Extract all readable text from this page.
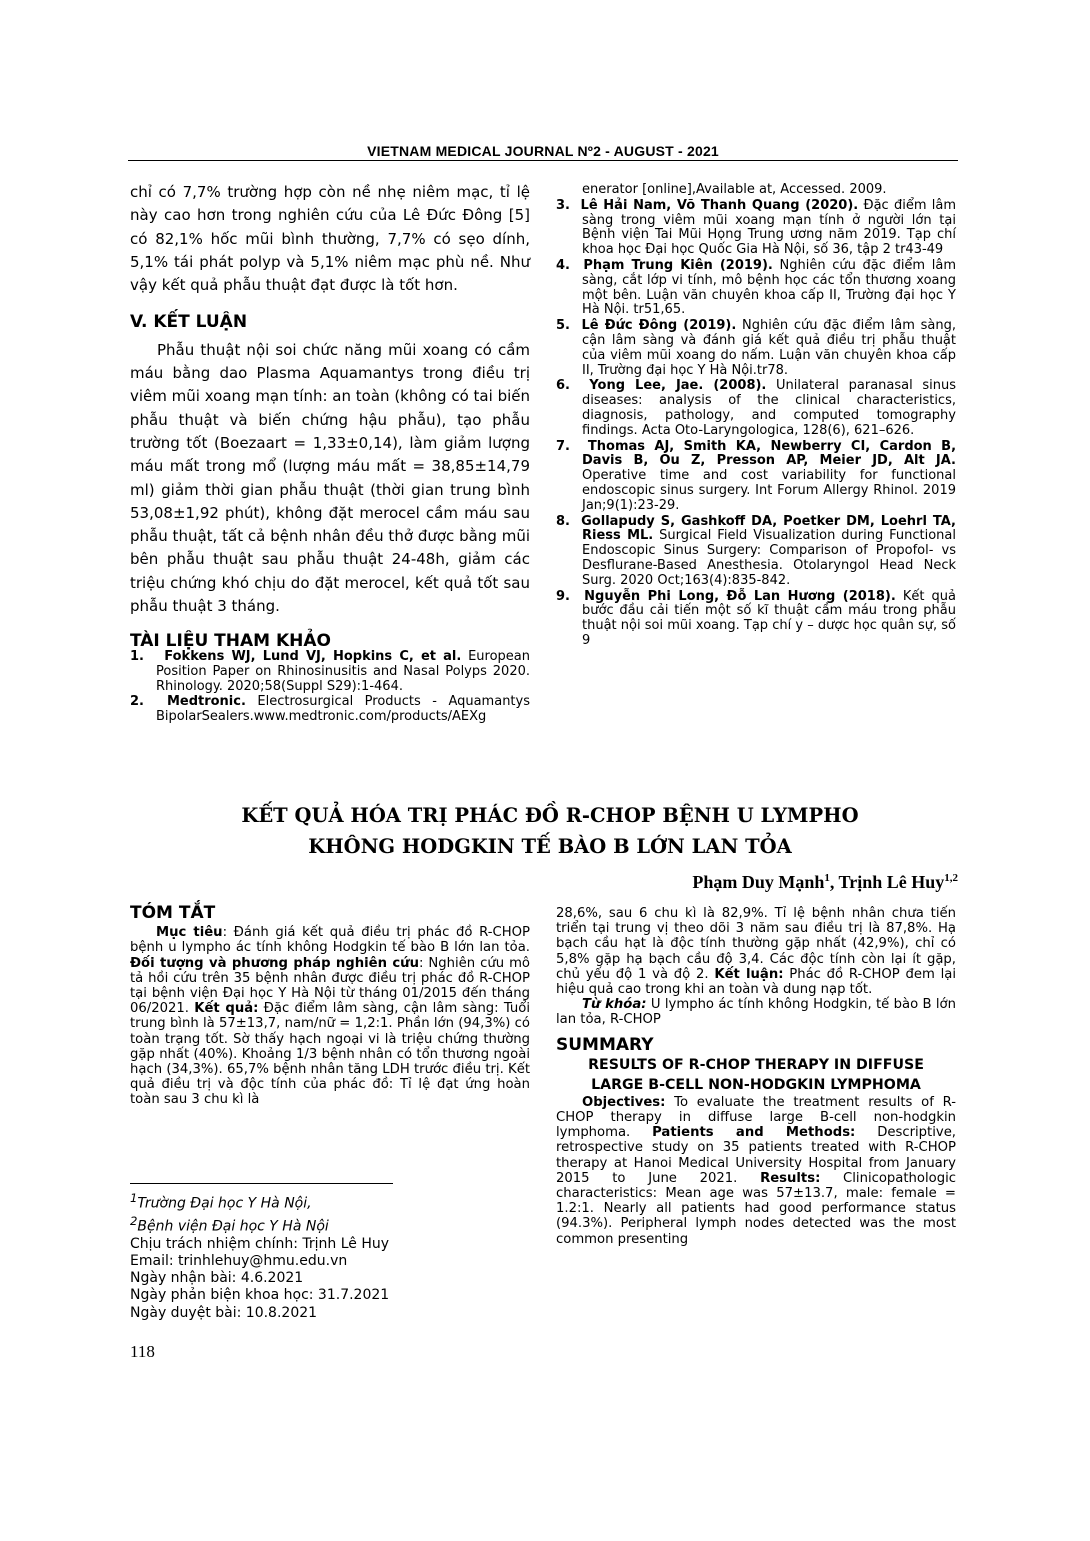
VIETNAM MEDICAL JOURNAL Nº2 - AUGUST - 2021

chỉ có 7,7% trường hợp còn nề nhẹ niêm mạc, tỉ lệ này cao hơn trong nghiên cứu của Lê Đức Đông [5] có 82,1% hốc mũi bình thường, 7,7% có sẹo dính, 5,1% tái phát polyp và 5,1% niêm mạc phù nề. Như vậy kết quả phẫu thuật đạt được là tốt hơn.

V. KẾT LUẬN

Phẫu thuật nội soi chức năng mũi xoang có cầm máu bằng dao Plasma Aquamantys trong điều trị viêm mũi xoang mạn tính: an toàn (không có tai biến phẫu thuật và biến chứng hậu phẫu), tạo phẫu trường tốt (Boezaart = 1,33±0,14), làm giảm lượng máu mất trong mổ (lượng máu mất = 38,85±14,79 ml) giảm thời gian phẫu thuật (thời gian trung bình 53,08±1,92 phút), không đặt merocel cầm máu sau phẫu thuật, tất cả bệnh nhân đều thở được bằng mũi bên phẫu thuật sau phẫu thuật 24-48h, giảm các triệu chứng khó chịu do đặt merocel, kết quả tốt sau phẫu thuật 3 tháng.

TÀI LIỆU THAM KHẢO

1. Fokkens WJ, Lund VJ, Hopkins C, et al. European Position Paper on Rhinosinusitis and Nasal Polyps 2020. Rhinology. 2020;58(Suppl S29):1-464.
2. Medtronic. Electrosurgical Products - Aquamantys BipolarSealers.www.medtronic.com/products/AEXg
enerator [online],Available at, Accessed. 2009.
3. Lê Hải Nam, Võ Thanh Quang (2020). Đặc điểm lâm sàng trong viêm mũi xoang mạn tính ở người lớn tại Bệnh viện Tai Mũi Họng Trung ương năm 2019. Tạp chí khoa học Đại học Quốc Gia Hà Nội, số 36, tập 2 tr43-49
4. Phạm Trung Kiên (2019). Nghiên cứu đặc điểm lâm sàng, cắt lớp vi tính, mô bệnh học các tổn thương xoang một bên. Luận văn chuyên khoa cấp II, Trường đại học Y Hà Nội. tr51,65.
5. Lê Đức Đông (2019). Nghiên cứu đặc điểm lâm sàng, cận lâm sàng và đánh giá kết quả điều trị phẫu thuật của viêm mũi xoang do nấm. Luận văn chuyên khoa cấp II, Trường đại học Y Hà Nội.tr78.
6. Yong Lee, Jae. (2008). Unilateral paranasal sinus diseases: analysis of the clinical characteristics, diagnosis, pathology, and computed tomography findings. Acta Oto-Laryngologica, 128(6), 621–626.
7. Thomas AJ, Smith KA, Newberry CI, Cardon B, Davis B, Ou Z, Presson AP, Meier JD, Alt JA. Operative time and cost variability for functional endoscopic sinus surgery. Int Forum Allergy Rhinol. 2019 Jan;9(1):23-29.
8. Gollapudy S, Gashkoff DA, Poetker DM, Loehrl TA, Riess ML. Surgical Field Visualization during Functional Endoscopic Sinus Surgery: Comparison of Propofol- vs Desflurane-Based Anesthesia. Otolaryngol Head Neck Surg. 2020 Oct;163(4):835-842.
9. Nguyễn Phi Long, Đỗ Lan Hương (2018). Kết quả bước đầu cải tiến một số kĩ thuật cầm máu trong phẫu thuật nội soi mũi xoang. Tạp chí y – dược học quân sự, số 9
KẾT QUẢ HÓA TRỊ PHÁC ĐỒ R-CHOP BỆNH U LYMPHO
KHÔNG HODGKIN TẾ BÀO B LỚN LAN TỎA
Phạm Duy Mạnh$^1$, Trịnh Lê Huy$^{1,2}$

TÓM TẮT

Mục tiêu: Đánh giá kết quả điều trị phác đồ R-CHOP bệnh u lympho ác tính không Hodgkin tế bào B lớn lan tỏa. Đối tượng và phương pháp nghiên cứu: Nghiên cứu mô tả hồi cứu trên 35 bệnh nhân được điều trị phác đồ R-CHOP tại bệnh viện Đại học Y Hà Nội từ tháng 01/2015 đến tháng 06/2021. Kết quả: Đặc điểm lâm sàng, cận lâm sàng: Tuổi trung bình là 57±13,7, nam/nữ = 1,2:1. Phần lớn (94,3%) có toàn trạng tốt. Sờ thấy hạch ngoại vi là triệu chứng thường gặp nhất (40%). Khoảng 1/3 bệnh nhân có tổn thương ngoài hạch (34,3%). 65,7% bệnh nhân tăng LDH trước điều trị. Kết quả điều trị và độc tính của phác đồ: Tỉ lệ đạt ứng hoàn toàn sau 3 chu kì là

$^1$Trường Đại học Y Hà Nội,
$^2$Bệnh viện Đại học Y Hà Nội
Chịu trách nhiệm chính: Trịnh Lê Huy
Email: trinhlehuy@hmu.edu.vn
Ngày nhận bài: 4.6.2021
Ngày phản biện khoa học: 31.7.2021
Ngày duyệt bài: 10.8.2021
118

28,6%, sau 6 chu kì là 82,9%. Tỉ lệ bệnh nhân chưa tiến triển tại trung vị theo dõi 3 năm sau điều trị là 87,8%. Hạ bạch cầu hạt là độc tính thường gặp nhất (42,9%), chỉ có 5,8% gặp hạ bạch cầu độ 3,4. Các độc tính còn lại ít gặp, chủ yếu độ 1 và độ 2. Kết luận: Phác đồ R-CHOP đem lại hiệu quả cao trong khi an toàn và dung nạp tốt.

Từ khóa: U lympho ác tính không Hodgkin, tế bào B lớn lan tỏa, R-CHOP

SUMMARY

RESULTS OF R-CHOP THERAPY IN DIFFUSE
LARGE B-CELL NON-HODGKIN LYMPHOMA

Objectives: To evaluate the treatment results of R-CHOP therapy in diffuse large B-cell non-hodgkin lymphoma. Patients and Methods: Descriptive, retrospective study on 35 patients treated with R-CHOP therapy at Hanoi Medical University Hospital from January 2015 to June 2021. Results: Clinicopathologic characteristics: Mean age was 57±13.7, male: female = 1.2:1. Nearly all patients had good performance status (94.3%). Peripheral lymph nodes detected was the most common presenting
